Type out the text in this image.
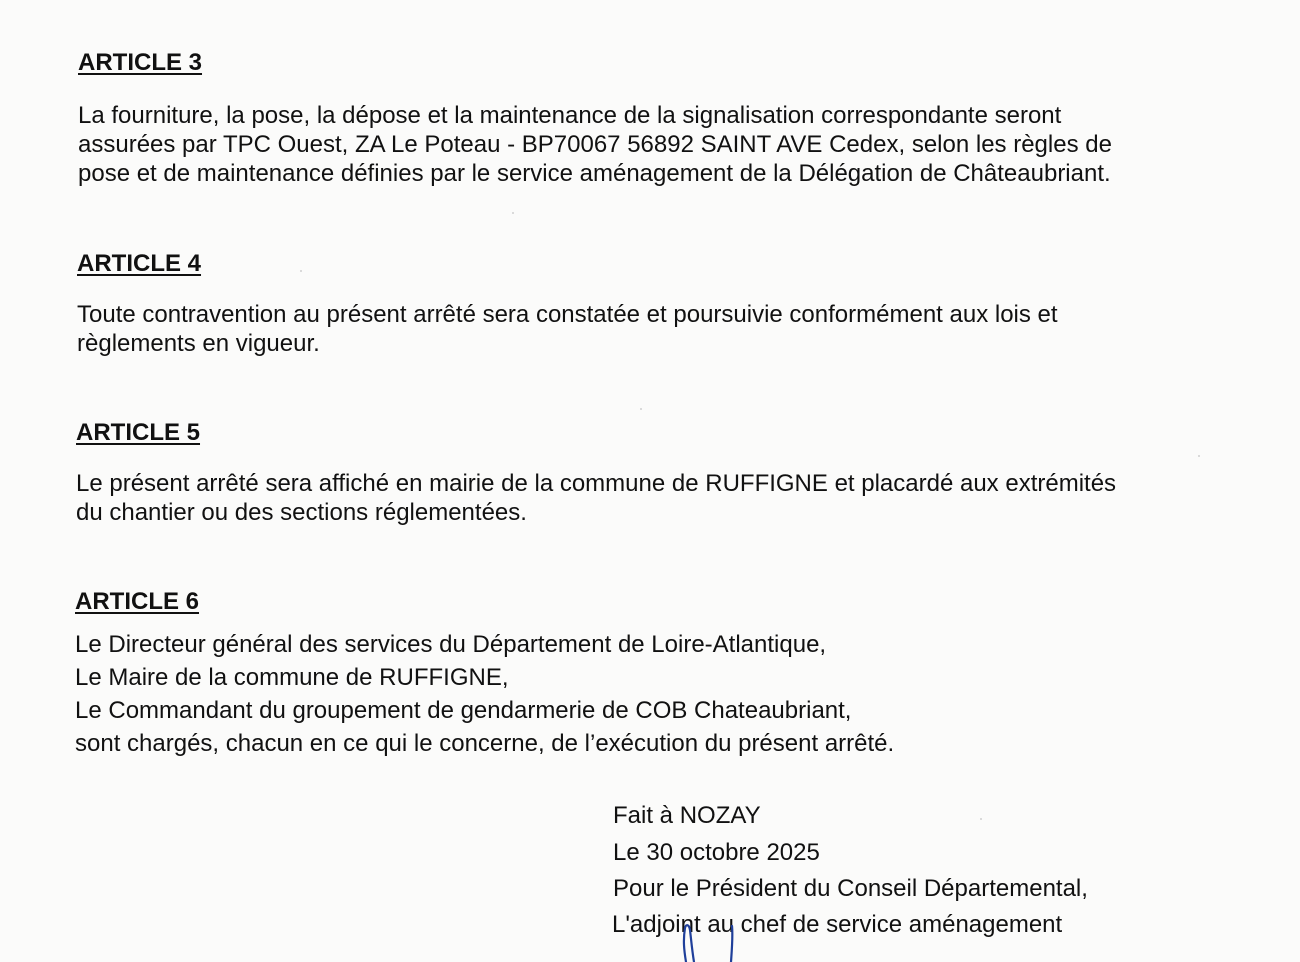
ARTICLE 3

La fourniture, la pose, la dépose et la maintenance de la signalisation correspondante seront
assurées par TPC Ouest, ZA Le Poteau - BP70067 56892 SAINT AVE Cedex, selon les règles de
pose et de maintenance définies par le service aménagement de la Délégation de Châteaubriant.

ARTICLE 4

Toute contravention au présent arrêté sera constatée et poursuivie conformément aux lois et
règlements en vigueur.

ARTICLE 5

Le présent arrêté sera affiché en mairie de la commune de RUFFIGNE et placardé aux extrémités
du chantier ou des sections réglementées.

ARTICLE 6

Le Directeur général des services du Département de Loire-Atlantique,
Le Maire de la commune de RUFFIGNE,
Le Commandant du groupement de gendarmerie de COB Chateaubriant,
sont chargés, chacun en ce qui le concerne, de l’exécution du présent arrêté.

Fait à NOZAY
Le 30 octobre 2025
Pour le Président du Conseil Départemental,
L'adjoint au chef de service aménagement
